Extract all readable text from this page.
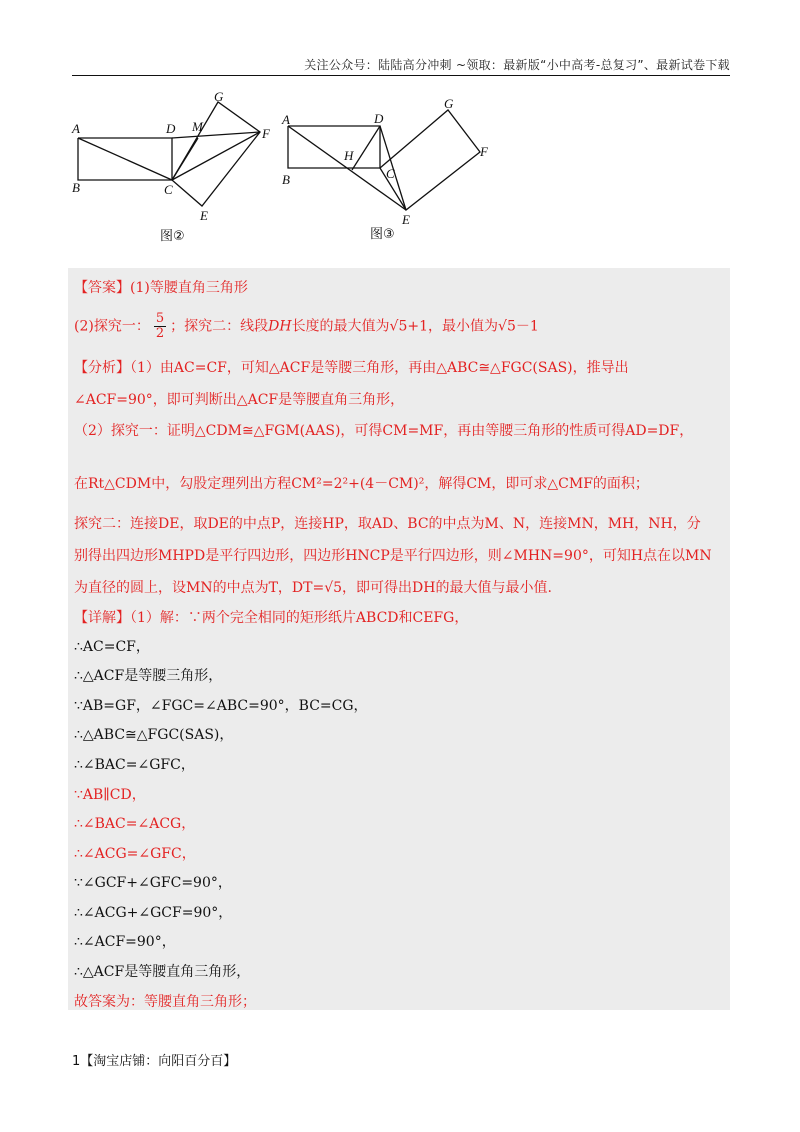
关注公众号：陆陆高分冲刺 ~领取：最新版“小中高考-总复习”、最新试卷下载
A	D M
G
F
B	C
E
图②
A	D
G
F
H
B	C
E
图③
【答案】(1)等腰直角三角形
(2)探究一： $\frac{5}{2}$ ；探究二：线段DH长度的最大值为√5+1，最小值为√5－1
【分析】（1）由AC=CF，可知△ACF是等腰三角形，再由△ABC≅△FGC(SAS)，推导出
∠ACF=90°，即可判断出△ACF是等腰直角三角形，
（2）探究一：证明△CDM≅△FGM(AAS)，可得CM=MF，再由等腰三角形的性质可得AD=DF，
在Rt△CDM中，勾股定理列出方程CM²=2²+(4－CM)²，解得CM，即可求△CMF的面积；
探究二：连接DE，取DE的中点P，连接HP，取AD、BC的中点为M、N，连接MN，MH，NH，分
别得出四边形MHPD是平行四边形，四边形HNCP是平行四边形，则∠MHN=90°，可知H点在以MN
为直径的圆上，设MN的中点为T，DT=√5，即可得出DH的最大值与最小值.
【详解】（1）解：∵两个完全相同的矩形纸片ABCD和CEFG，
∴AC=CF，
∴△ACF是等腰三角形，
∵AB=GF，∠FGC=∠ABC=90°，BC=CG，
∴△ABC≅△FGC(SAS)，
∴∠BAC=∠GFC，
∵AB∥CD，
∴∠BAC=∠ACG，
∴∠ACG=∠GFC，
∵∠GCF+∠GFC=90°，
∴∠ACG+∠GCF=90°，
∴∠ACF=90°，
∴△ACF是等腰直角三角形，
故答案为：等腰直角三角形；
1【淘宝店铺：向阳百分百】
